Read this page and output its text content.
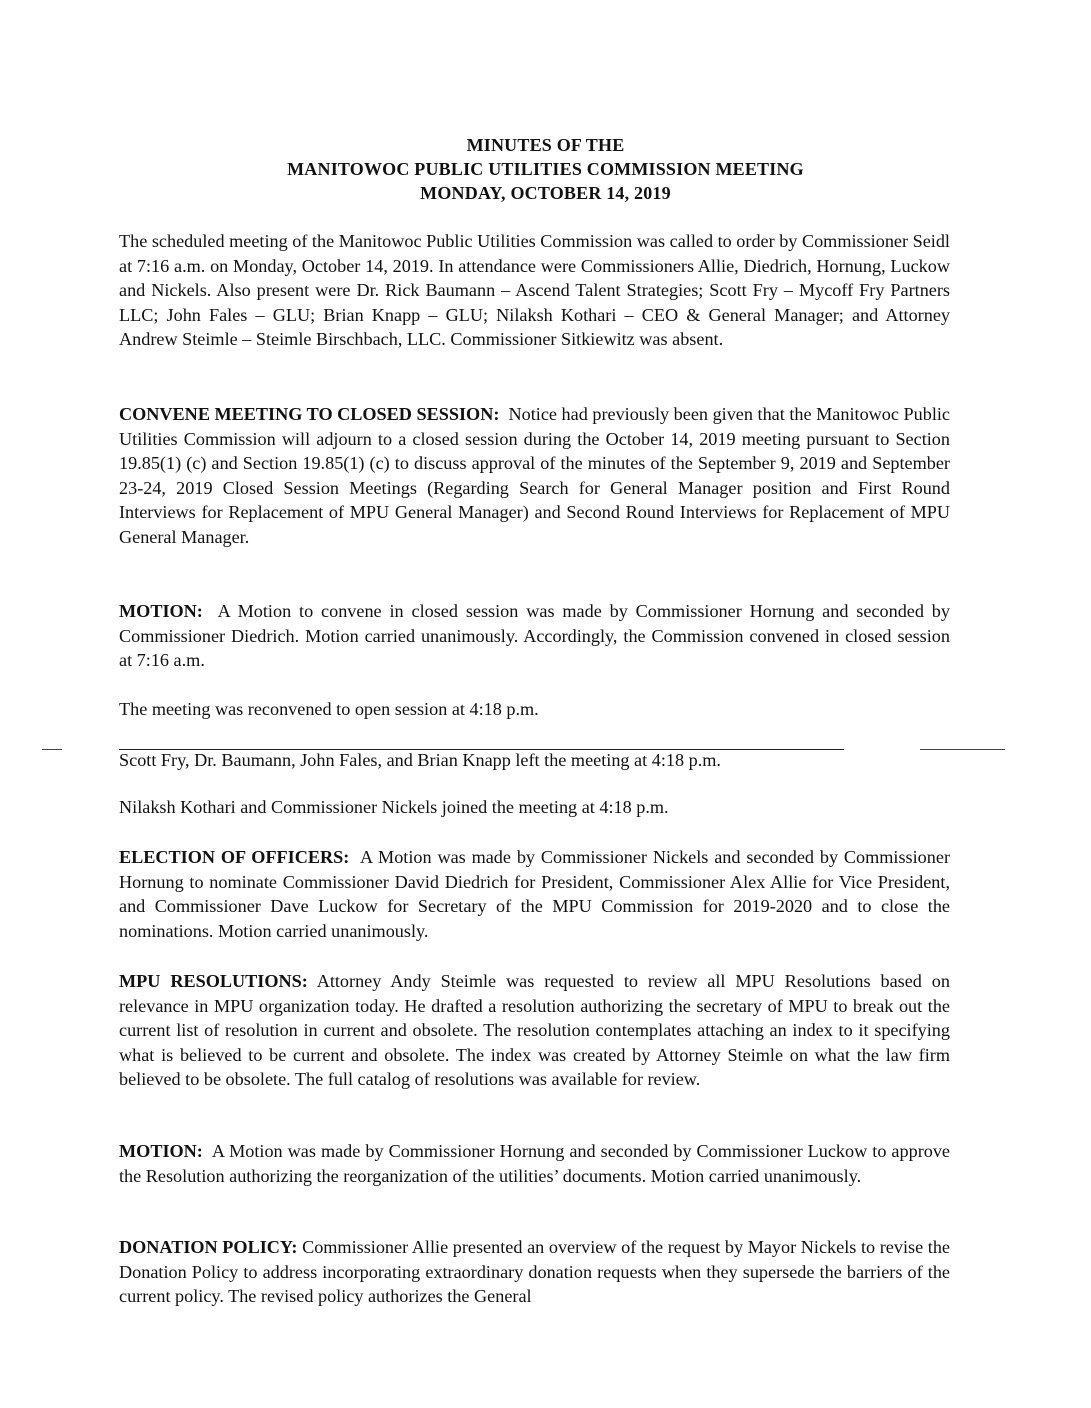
MINUTES OF THE
MANITOWOC PUBLIC UTILITIES COMMISSION MEETING
MONDAY, OCTOBER 14, 2019

The scheduled meeting of the Manitowoc Public Utilities Commission was called to order by Commissioner Seidl at 7:16 a.m. on Monday, October 14, 2019. In attendance were Commissioners Allie, Diedrich, Hornung, Luckow and Nickels. Also present were Dr. Rick Baumann – Ascend Talent Strategies; Scott Fry – Mycoff Fry Partners LLC; John Fales – GLU; Brian Knapp – GLU; Nilaksh Kothari – CEO & General Manager; and Attorney Andrew Steimle – Steimle Birschbach, LLC. Commissioner Sitkiewitz was absent.

CONVENE MEETING TO CLOSED SESSION: Notice had previously been given that the Manitowoc Public Utilities Commission will adjourn to a closed session during the October 14, 2019 meeting pursuant to Section 19.85(1) (c) and Section 19.85(1) (c) to discuss approval of the minutes of the September 9, 2019 and September 23-24, 2019 Closed Session Meetings (Regarding Search for General Manager position and First Round Interviews for Replacement of MPU General Manager) and Second Round Interviews for Replacement of MPU General Manager.

MOTION: A Motion to convene in closed session was made by Commissioner Hornung and seconded by Commissioner Diedrich. Motion carried unanimously. Accordingly, the Commission convened in closed session at 7:16 a.m.

The meeting was reconvened to open session at 4:18 p.m.
Scott Fry, Dr. Baumann, John Fales, and Brian Knapp left the meeting at 4:18 p.m.
Nilaksh Kothari and Commissioner Nickels joined the meeting at 4:18 p.m.

ELECTION OF OFFICERS: A Motion was made by Commissioner Nickels and seconded by Commissioner Hornung to nominate Commissioner David Diedrich for President, Commissioner Alex Allie for Vice President, and Commissioner Dave Luckow for Secretary of the MPU Commission for 2019-2020 and to close the nominations. Motion carried unanimously.

MPU RESOLUTIONS: Attorney Andy Steimle was requested to review all MPU Resolutions based on relevance in MPU organization today. He drafted a resolution authorizing the secretary of MPU to break out the current list of resolution in current and obsolete. The resolution contemplates attaching an index to it specifying what is believed to be current and obsolete. The index was created by Attorney Steimle on what the law firm believed to be obsolete. The full catalog of resolutions was available for review.

MOTION: A Motion was made by Commissioner Hornung and seconded by Commissioner Luckow to approve the Resolution authorizing the reorganization of the utilities’ documents. Motion carried unanimously.

DONATION POLICY: Commissioner Allie presented an overview of the request by Mayor Nickels to revise the Donation Policy to address incorporating extraordinary donation requests when they supersede the barriers of the current policy. The revised policy authorizes the General
